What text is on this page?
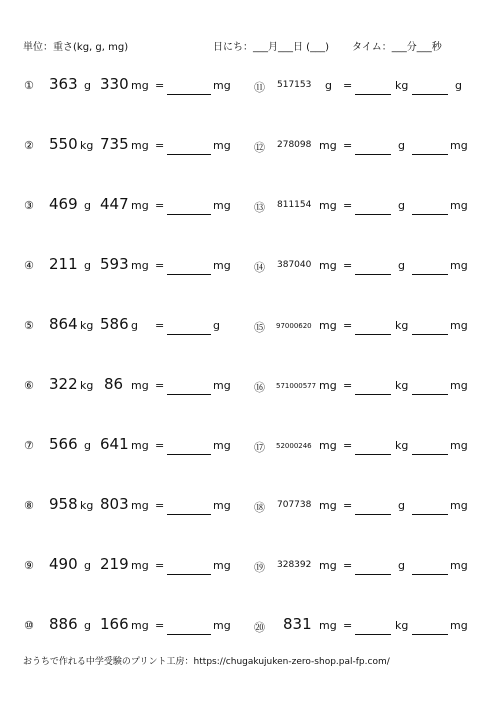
単位：重さ(kg, g, mg)	日にち：___月___日 (___) タイム：___分___秒
① 363 g 330 mg =	mg ⑪ 517153 g =	kg	g
② 550 kg 735 mg =	mg ⑫ 278098 mg =	g	mg
③ 469 g 447 mg =	mg ⑬ 811154 mg =	g	mg
④ 211 g 593 mg =	mg ⑭ 387040 mg =	g	mg
⑤ 864 kg 586 g =	g	⑮ 97000620 mg =	kg	mg
⑥ 322 kg 86 mg =	mg ⑯ 571000577 mg =	kg	mg
⑦ 566 g 641 mg =	mg ⑰ 52000246 mg =	kg	mg
⑧ 958 kg 803 mg =	mg ⑱ 707738 mg =	g	mg
⑨ 490 g 219 mg =	mg ⑲ 328392 mg =	g	mg
⑩ 886 g 166 mg =	mg ⑳ 831 mg =	kg	mg
おうちで作れる中学受験のプリント工房：https://chugakujuken-zero-shop.pal-fp.com/
